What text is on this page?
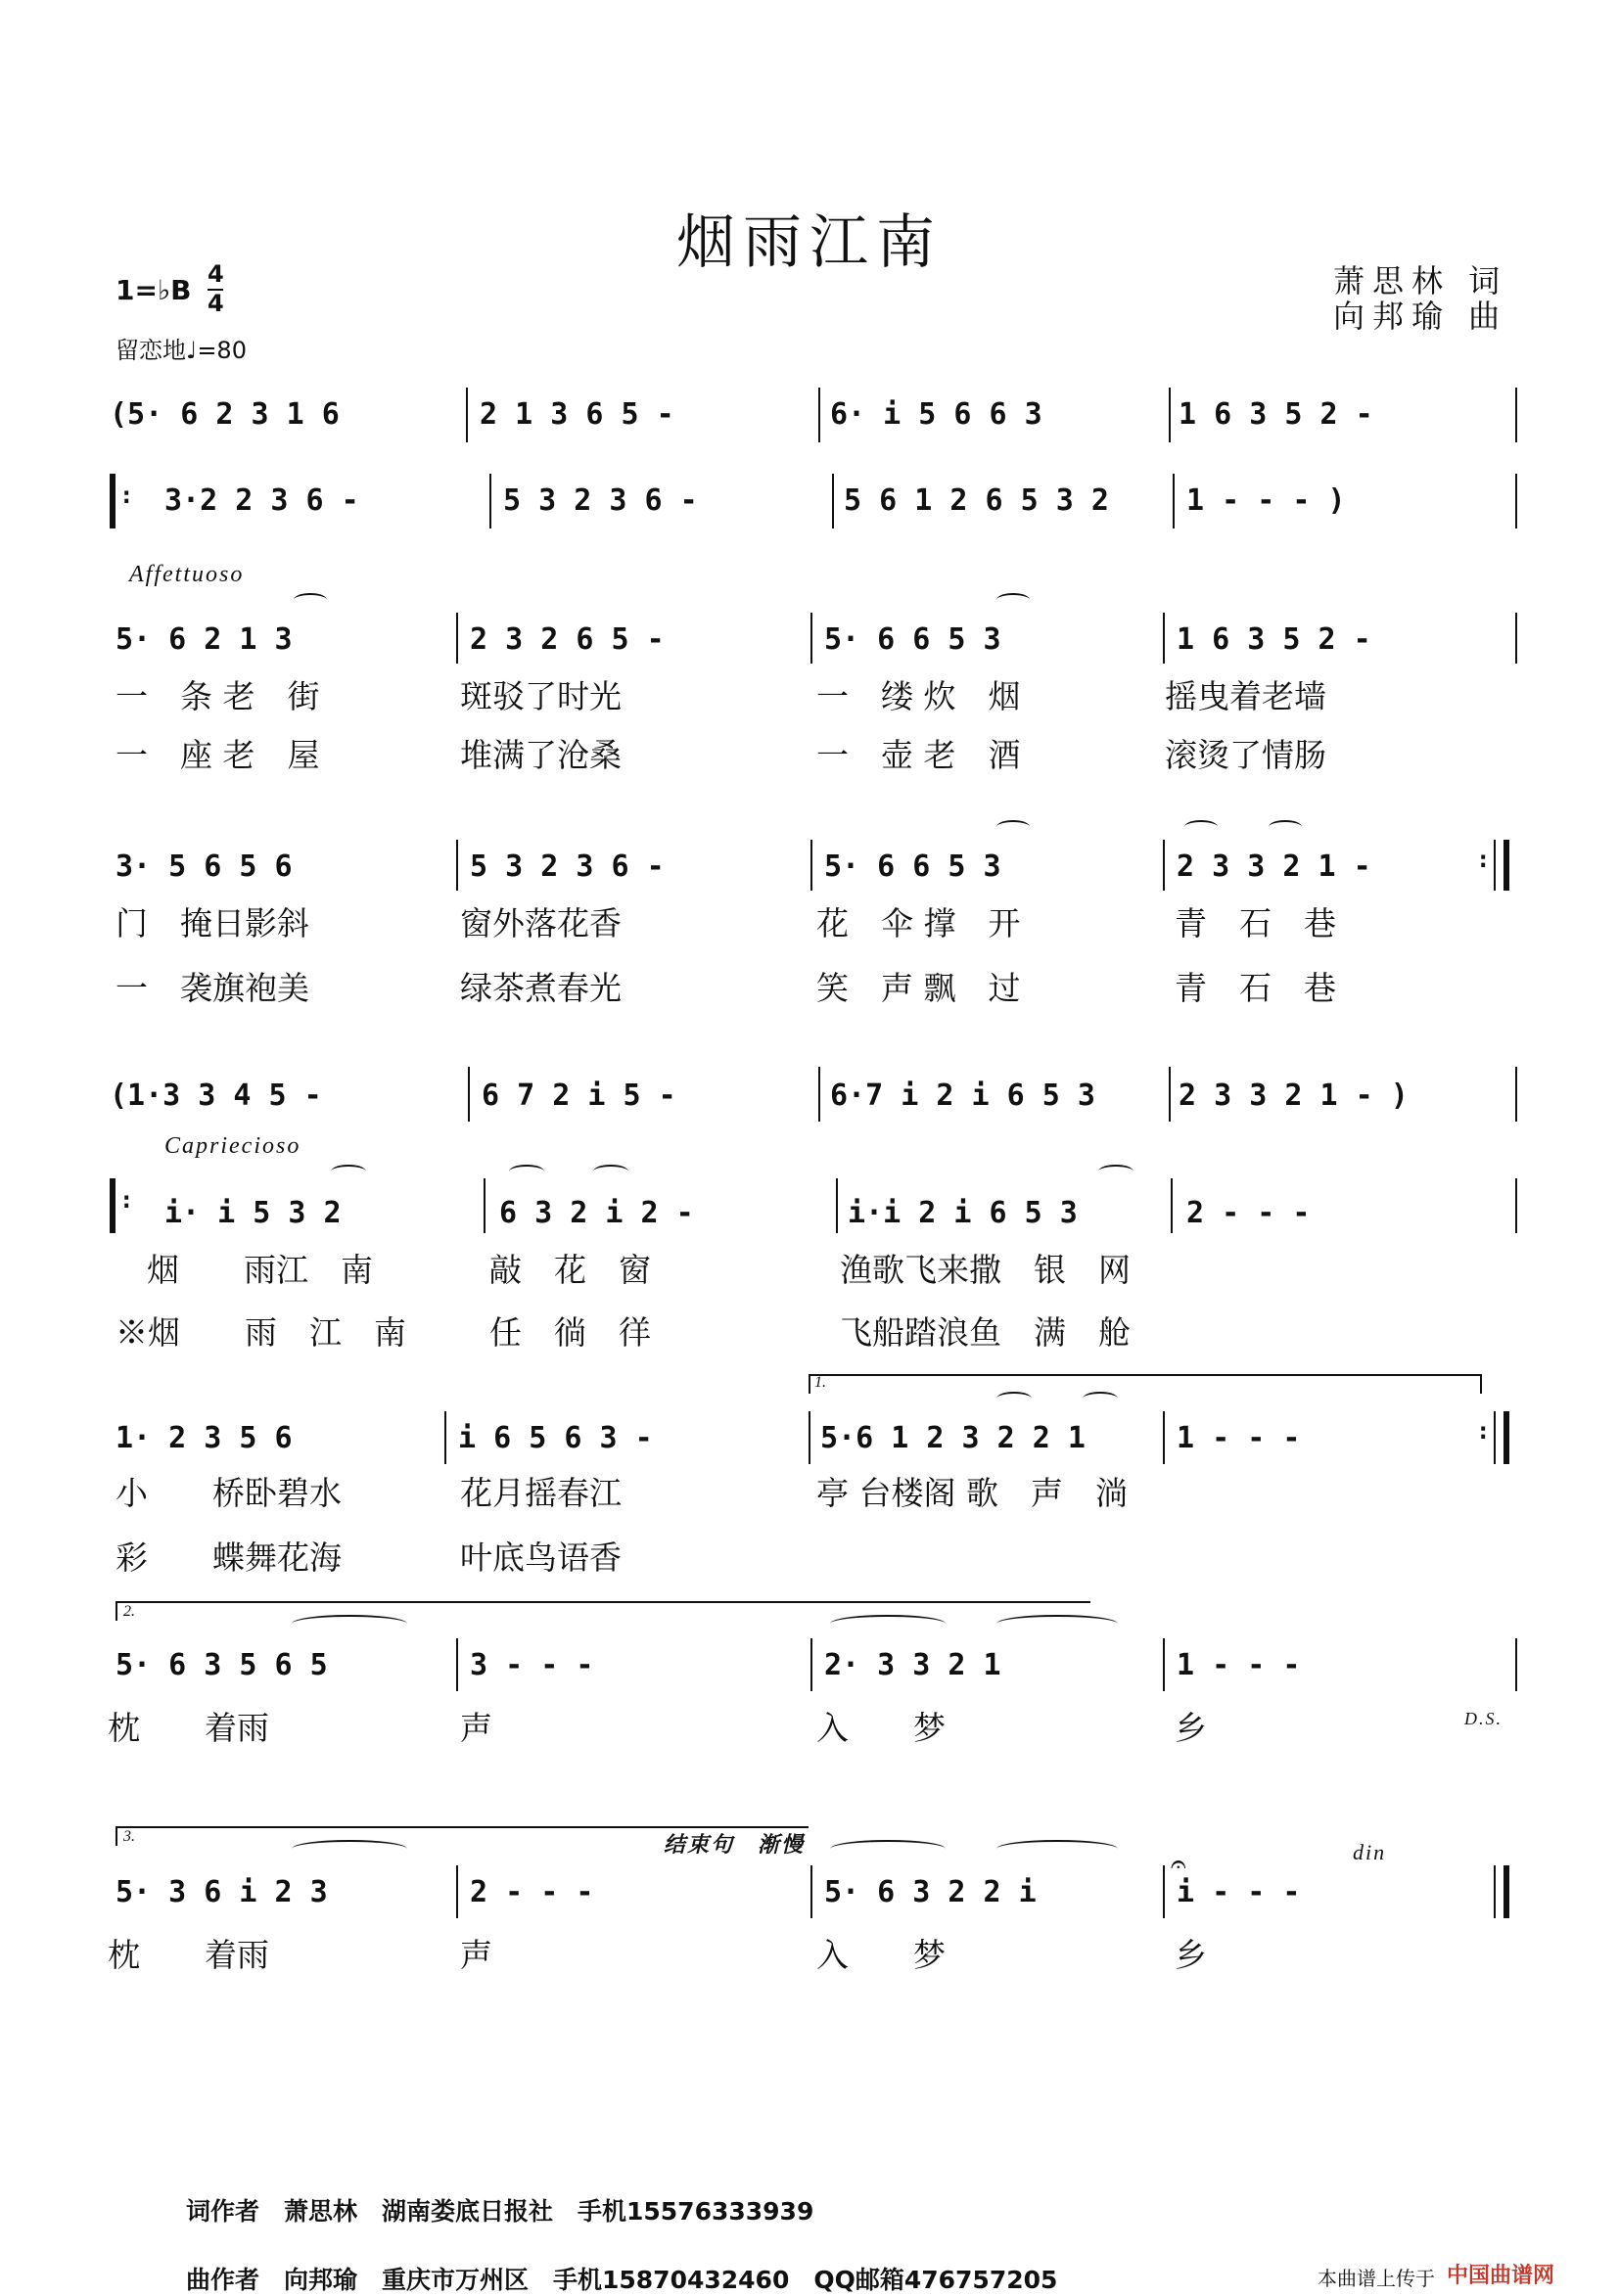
烟雨江南
萧思林 词
向邦瑜 曲
1=♭B 4
4
留恋地♩=80
(5· 6 2 3 1 6	2 1 3 6 5 -	6· i 5 6 6 3	1 6 3 5 2 -
: 3·2 2 3 6 -	5 3 2 3 6 -	5 6 1 2 6 5 3 2	1 - - - )
Affettuoso
5· 6 2 1 3	2 3 2 6 5 -	5· 6 6 5 3	1 6 3 5 2 -
一　条 老　街	斑驳了时光	一　缕 炊　烟	摇曳着老墙
一　座 老　屋	堆满了沧桑	一　壶 老　酒	滚烫了情肠
3· 5 6 5 6	5 3 2 3 6 -	5· 6 6 5 3	2 3 3 2 1 -	:
门　掩日影斜	窗外落花香	花　伞 撑　开	青　石　巷
一　袭旗袍美	绿茶煮春光	笑　声 飘　过	青　石　巷
(1·3 3 4 5 -	6 7 2 i 5 -	6·7 i 2 i 6 5 3	2 3 3 2 1 - )
Capriecioso
: i· i 5 3 2	6 3 2 i 2 -	i·i 2 i 6 5 3	2 - - -
烟　　雨江　南	敲　花　窗	渔歌飞来撒　银　网
※烟　　雨　江　南	任　徜　徉	飞船踏浪鱼　满　舱
1.
1· 2 3 5 6	i 6 5 6 3 -	5·6 1 2 3 2 2 1	1 - - -	:
小　　桥卧碧水	花月摇春江	亭 台楼阁 歌　声　淌
彩　　蝶舞花海	叶底鸟语香
2.
5· 6 3 5 6 5	3 - - -	2· 3 3 2 1	1 - - -
枕　　着雨	声	入　　梦	乡	D.S.
3.	结束句　渐慢	din
𝄐
5· 3 6 i 2 3	2 - - -	5· 6 3 2 2 i	i - - -
枕　　着雨	声	入　　梦	乡
词作者　萧思林　湖南娄底日报社　手机15576333939
曲作者　向邦瑜　重庆市万州区　手机15870432460　QQ邮箱476757205	本曲谱上传于 中国曲谱网
